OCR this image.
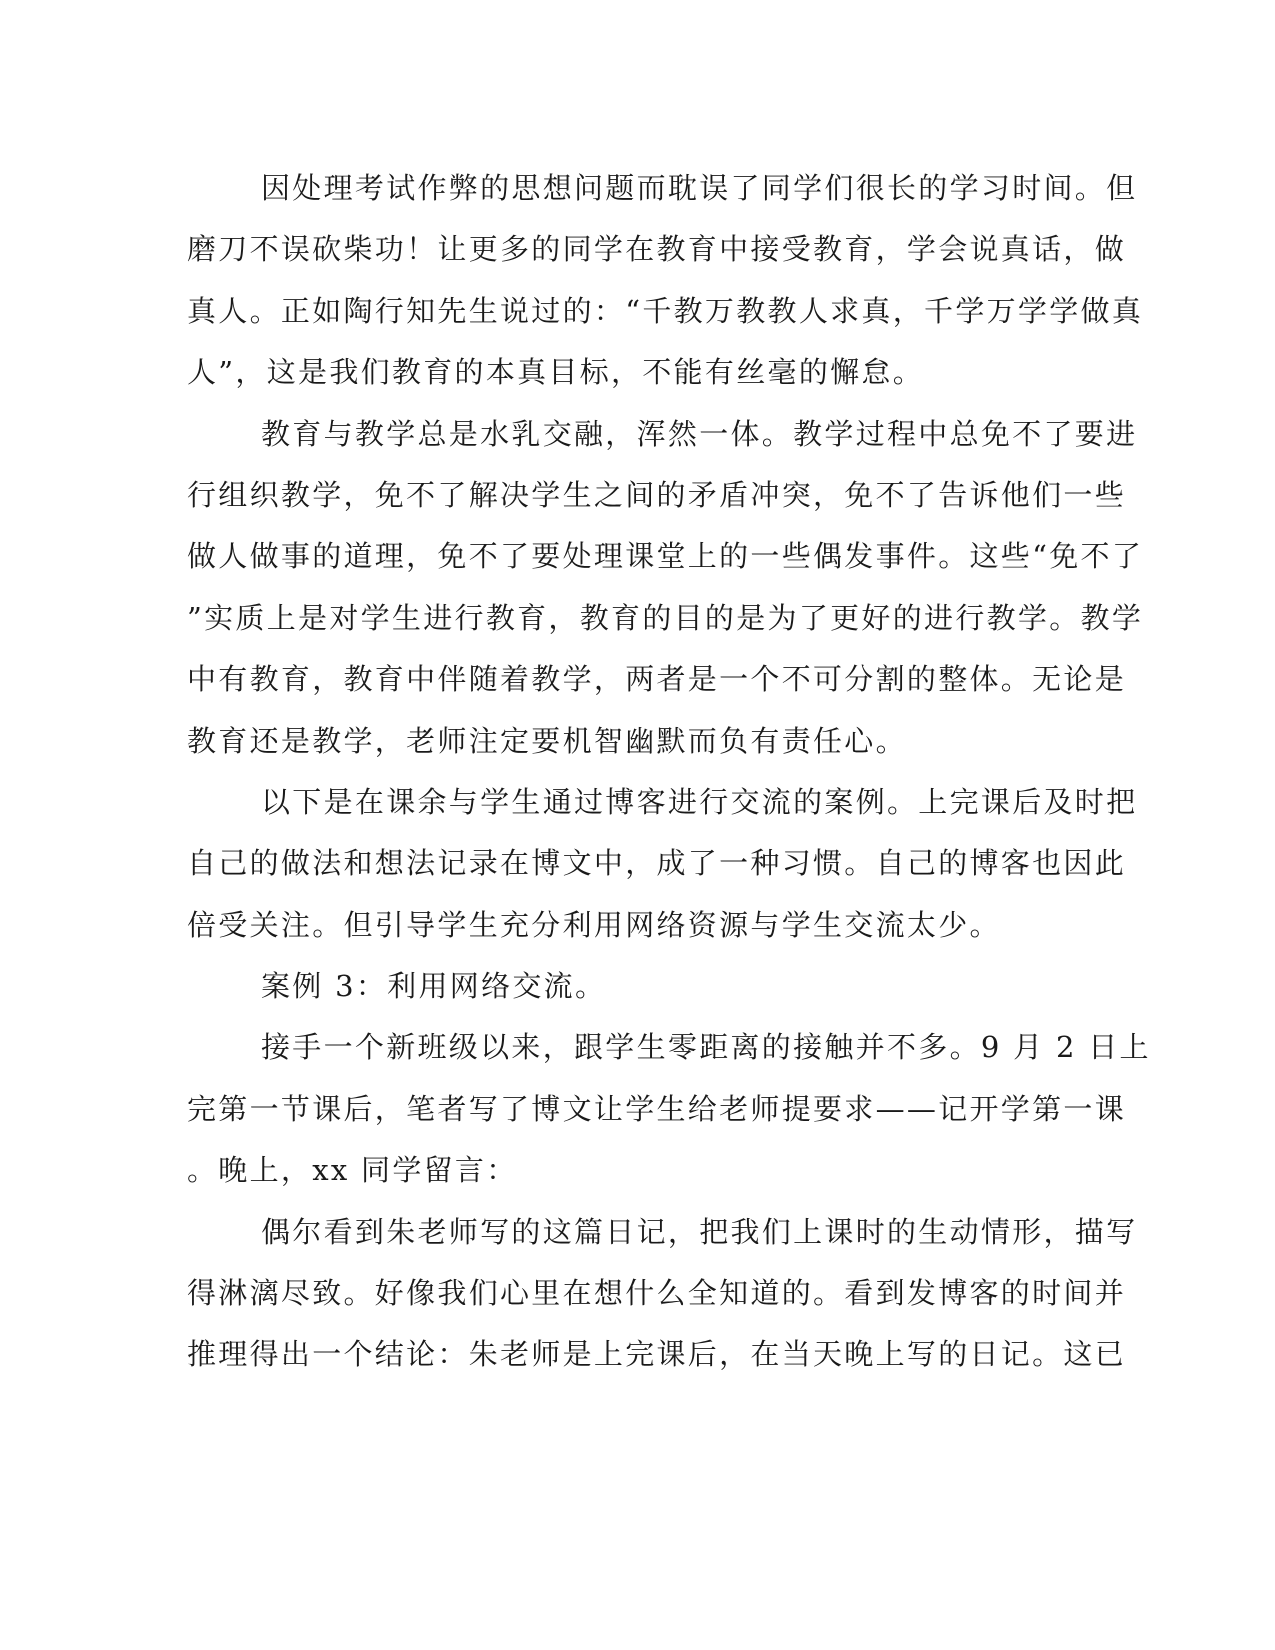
因处理考试作弊的思想问题而耽误了同学们很长的学习时间。但
磨刀不误砍柴功！让更多的同学在教育中接受教育，学会说真话，做
真人。正如陶行知先生说过的：“千教万教教人求真，千学万学学做真
人”，这是我们教育的本真目标，不能有丝毫的懈怠。
教育与教学总是水乳交融，浑然一体。教学过程中总免不了要进
行组织教学，免不了解决学生之间的矛盾冲突，免不了告诉他们一些
做人做事的道理，免不了要处理课堂上的一些偶发事件。这些“免不了
”实质上是对学生进行教育，教育的目的是为了更好的进行教学。教学
中有教育，教育中伴随着教学，两者是一个不可分割的整体。无论是
教育还是教学，老师注定要机智幽默而负有责任心。
以下是在课余与学生通过博客进行交流的案例。上完课后及时把
自己的做法和想法记录在博文中，成了一种习惯。自己的博客也因此
倍受关注。但引导学生充分利用网络资源与学生交流太少。
案例 3：利用网络交流。
接手一个新班级以来，跟学生零距离的接触并不多。9 月 2 日上
完第一节课后，笔者写了博文让学生给老师提要求——记开学第一课
。晚上，xx 同学留言：
偶尔看到朱老师写的这篇日记，把我们上课时的生动情形，描写
得淋漓尽致。好像我们心里在想什么全知道的。看到发博客的时间并
推理得出一个结论：朱老师是上完课后，在当天晚上写的日记。这已
